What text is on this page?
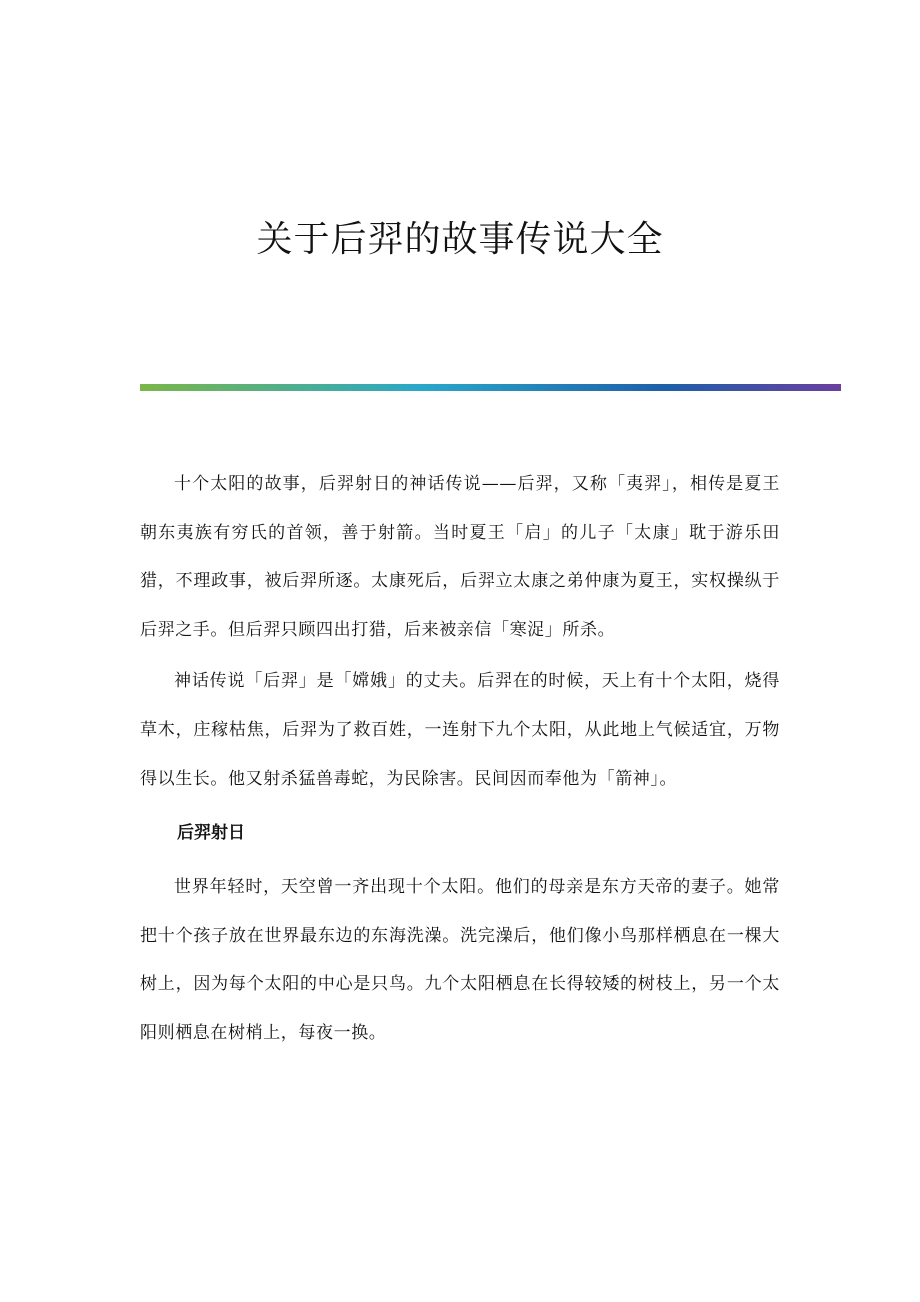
关于后羿的故事传说大全

十个太阳的故事，后羿射日的神话传说——后羿，又称「夷羿」，相传是夏王朝东夷族有穷氏的首领，善于射箭。当时夏王「启」的儿子「太康」耽于游乐田猎，不理政事，被后羿所逐。太康死后，后羿立太康之弟仲康为夏王，实权操纵于后羿之手。但后羿只顾四出打猎，后来被亲信「寒浞」所杀。

神话传说「后羿」是「嫦娥」的丈夫。后羿在的时候，天上有十个太阳，烧得草木，庄稼枯焦，后羿为了救百姓，一连射下九个太阳，从此地上气候适宜，万物得以生长。他又射杀猛兽毒蛇，为民除害。民间因而奉他为「箭神」。

后羿射日

世界年轻时，天空曾一齐出现十个太阳。他们的母亲是东方天帝的妻子。她常把十个孩子放在世界最东边的东海洗澡。洗完澡后，他们像小鸟那样栖息在一棵大树上，因为每个太阳的中心是只鸟。九个太阳栖息在长得较矮的树枝上，另一个太阳则栖息在树梢上，每夜一换。
